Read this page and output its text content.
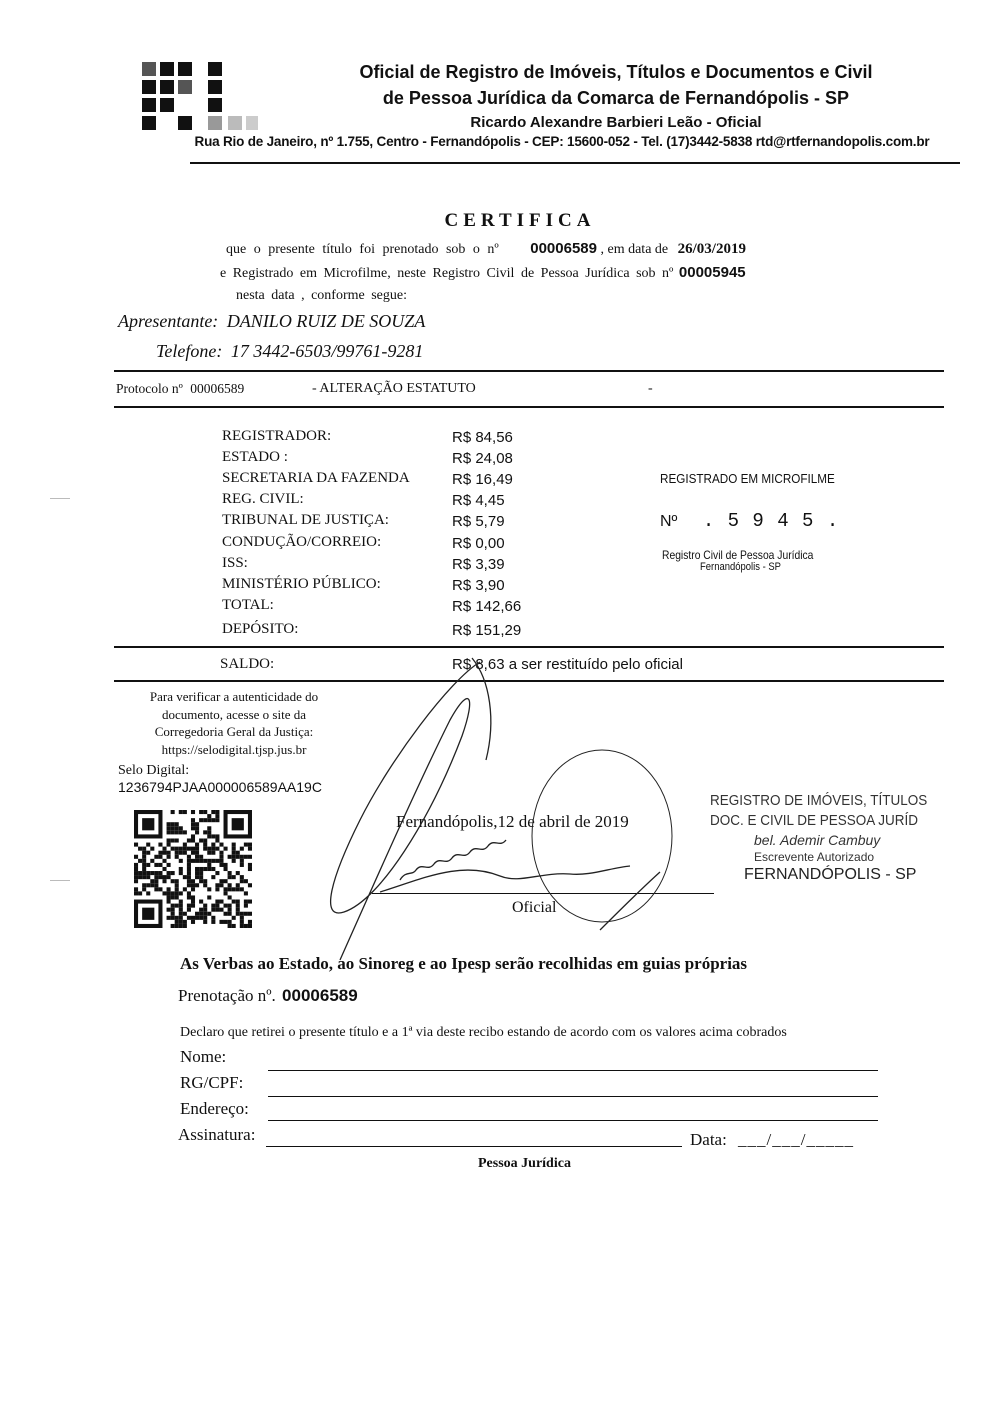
Oficial de Registro de Imóveis, Títulos e Documentos e Civil
de Pessoa Jurídica da Comarca de Fernandópolis - SP
Ricardo Alexandre Barbieri Leão - Oficial
Rua Rio de Janeiro, nº 1.755, Centro - Fernandópolis - CEP: 15600-052 - Tel. (17)3442-5838 rtd@rtfernandopolis.com.br
CERTIFICA
que o presente título foi prenotado sob o nº 00006589 , em data de 26/03/2019
e Registrado em Microfilme, neste Registro Civil de Pessoa Jurídica sob nº 00005945
nesta data , conforme segue:
Apresentante: DANILO RUIZ DE SOUZA
Telefone: 17 3442-6503/99761-9281
Protocolo nº 00006589	- ALTERAÇÃO ESTATUTO	-
REGISTRADOR:	R$ 84,56
ESTADO :	R$ 24,08
SECRETARIA DA FAZENDA	R$ 16,49
REG. CIVIL:	R$ 4,45
TRIBUNAL DE JUSTIÇA:	R$ 5,79
CONDUÇÃO/CORREIO:	R$ 0,00
ISS:	R$ 3,39
MINISTÉRIO PÚBLICO:	R$ 3,90
TOTAL:	R$ 142,66
DEPÓSITO:	R$ 151,29
SALDO:	R$ 8,63 a ser restituído pelo oficial
REGISTRADO EM MICROFILME
Nº . 5 9 4 5 .
Registro Civil de Pessoa Jurídica
Fernandópolis - SP
Para verificar a autenticidade do
documento, acesse o site da
Corregedoria Geral da Justiça:
https://selodigital.tjsp.jus.br
Selo Digital:
1236794PJAA000006589AA19C
Fernandópolis,12 de abril de 2019
Oficial
REGISTRO DE IMÓVEIS, TÍTULOS
DOC. E CIVIL DE PESSOA JURÍD
bel. Ademir Cambuy
Escrevente Autorizado
FERNANDÓPOLIS - SP
As Verbas ao Estado, ao Sinoreg e ao Ipesp serão recolhidas em guias próprias
Prenotação nº. 00006589
Declaro que retirei o presente título e a 1ª via deste recibo estando de acordo com os valores acima cobrados
Nome:
RG/CPF:
Endereço:
Assinatura:	Data: ___/___/_____
Pessoa Jurídica
